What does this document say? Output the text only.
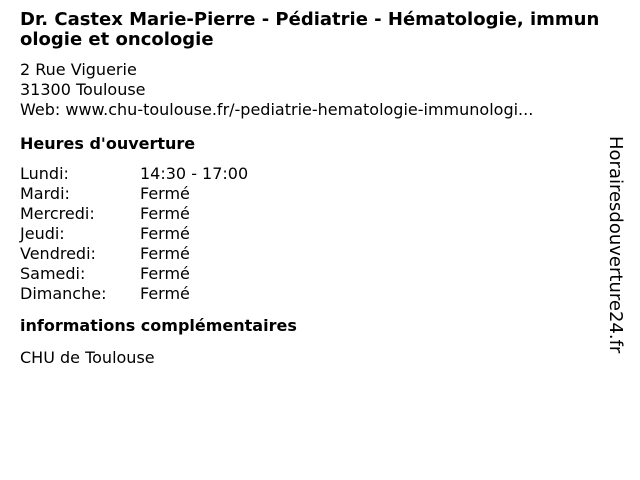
Dr. Castex Marie-Pierre - Pédiatrie - Hématologie, immunologie et oncologie
2 Rue Viguerie
31300 Toulouse
Web: www.chu-toulouse.fr/-pediatrie-hematologie-immunologi...
Heures d'ouverture
Lundi:	14:30 - 17:00
Mardi:	Fermé
Mercredi:	Fermé
Jeudi:	Fermé
Vendredi:	Fermé
Samedi:	Fermé
Dimanche:	Fermé
informations complémentaires
CHU de Toulouse
Horairesdouverture24.fr
